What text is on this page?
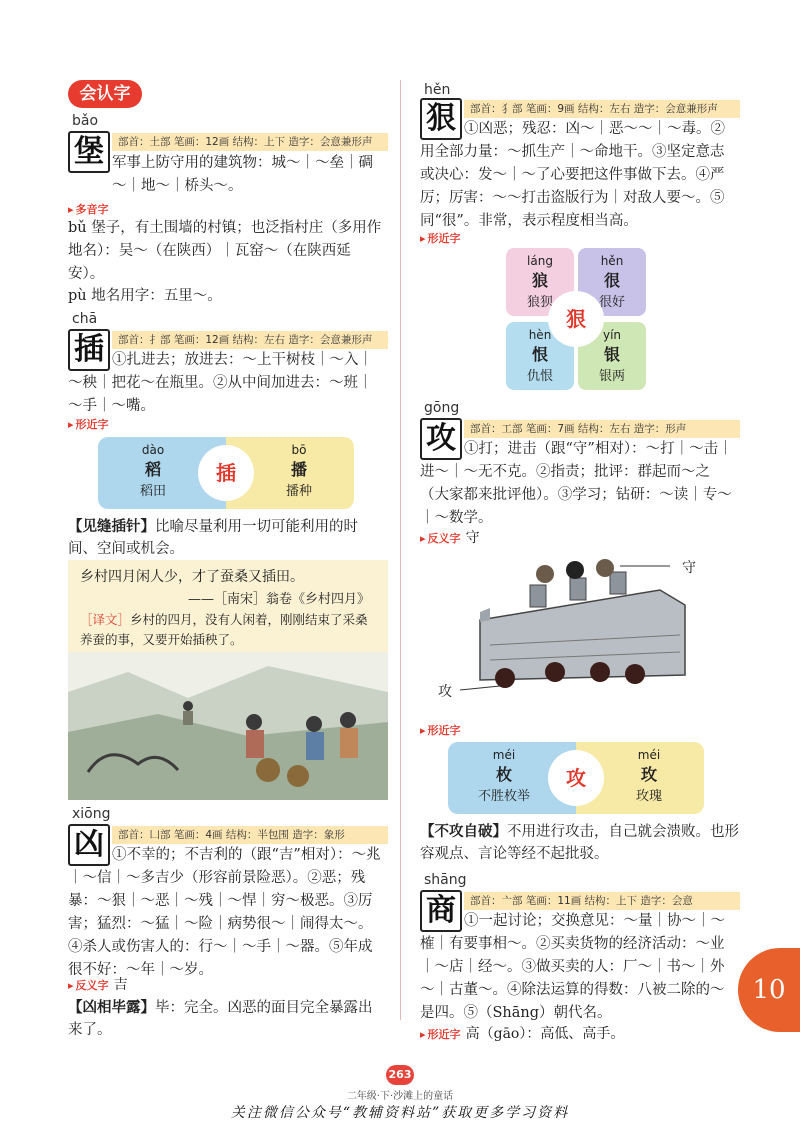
会认字
bǎo
堡	部首：土部 笔画：12画 结构：上下 造字：会意兼形声
军事上防守用的建筑物：城～｜～垒｜碉～｜地～｜桥头～。
▸ 多音字
bǔ 堡子，有土围墙的村镇；也泛指村庄（多用作地名）：吴～（在陕西）｜瓦窑～（在陕西延安）。
pù 地名用字：五里～。
chā
插	部首：扌部 笔画：12画 结构：左右 造字：会意兼形声
①扎进去；放进去：～上干树枝｜～入｜～秧｜把花～在瓶里。②从中间加进去：～班｜～手｜～嘴。
▸ 形近字
dào
稻
稻田
插
bō
播
播种
【见缝插针】比喻尽量利用一切可能利用的时间、空间或机会。
乡村四月闲人少，才了蚕桑又插田。
——［南宋］翁卷《乡村四月》
［译文］乡村的四月，没有人闲着，刚刚结束了采桑养蚕的事，又要开始插秧了。
xiōng
凶	部首：凵部 笔画：4画 结构：半包围 造字：象形
①不幸的；不吉利的（跟“吉”相对）：～兆｜～信｜～多吉少（形容前景险恶）。②恶；残暴：～狠｜～恶｜～残｜～悍｜穷～极恶。③厉害；猛烈：～猛｜～险｜病势很～｜闹得太～。④杀人或伤害人的：行～｜～手｜～器。⑤年成很不好：～年｜～岁。
▸ 反义字 吉
【凶相毕露】毕：完全。凶恶的面目完全暴露出来了。
hěn
狠	部首：犭部 笔画：9画 结构：左右 造字：会意兼形声
①凶恶；残忍：凶～｜恶～～｜～毒。②用全部力量：～抓生产｜～命地干。③坚定意志或决心：发～｜～了心要把这件事做下去。④严厉；厉害：～～打击盗版行为｜对敌人要～。⑤同“很”。非常，表示程度相当高。
▸ 形近字
láng
狼
狼狈
hěn
很
很好
hèn
恨
仇恨
yín
银
银两
狠
gōng
攻	部首：工部 笔画：7画 结构：左右 造字：形声
①打；进击（跟“守”相对）：～打｜～击｜进～｜～无不克。②指责；批评：群起而～之（大家都来批评他）。③学习；钻研：～读｜专～｜～数学。
▸ 反义字 守
守
攻
▸ 形近字
méi
枚
不胜枚举
攻
méi
玫
玫瑰
【不攻自破】不用进行攻击，自己就会溃败。也形容观点、言论等经不起批驳。
shāng
商	部首：亠部 笔画：11画 结构：上下 造字：会意
①一起讨论；交换意见：～量｜协～｜～榷｜有要事相～。②买卖货物的经济活动：～业｜～店｜经～。③做买卖的人：厂～｜书～｜外～｜古董～。④除法运算的得数：八被二除的～是四。⑤（Shāng）朝代名。
▸ 形近字 高（gāo）：高低、高手。
10
263
二年级·下·沙滩上的童话
关注微信公众号“教辅资料站”获取更多学习资料
